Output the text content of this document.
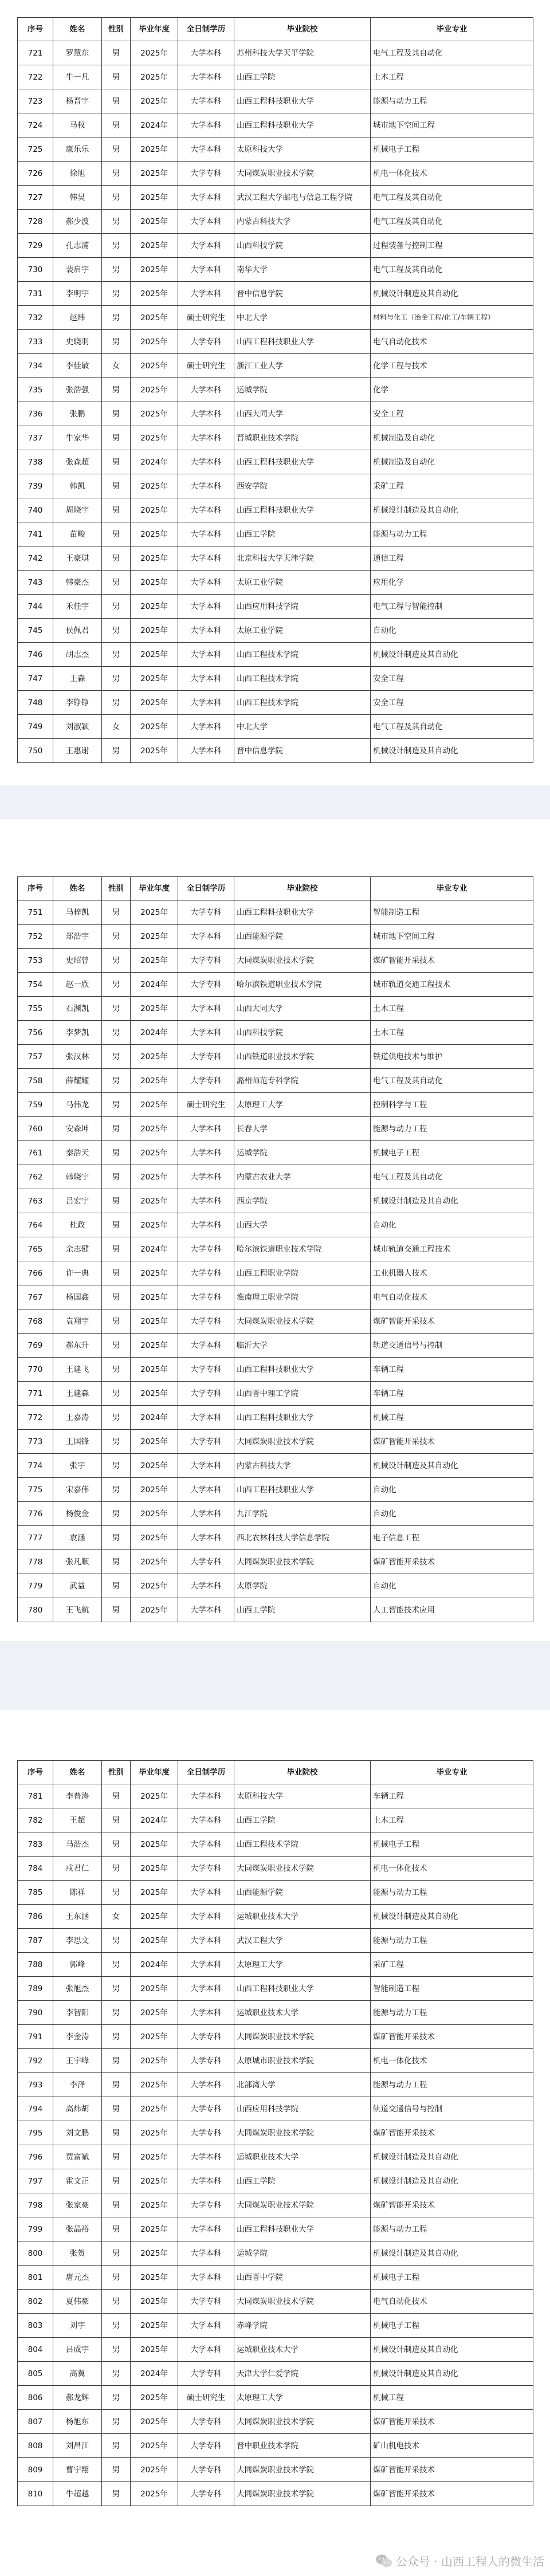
序号	姓名	性别	毕业年度	全日制学历	毕业院校	毕业专业
721	罗慧东	男	2025年	大学本科	苏州科技大学天平学院	电气工程及其自动化
722	牛一凡	男	2025年	大学本科	山西工学院	土木工程
723	杨晋宇	男	2025年	大学本科	山西工程科技职业大学	能源与动力工程
724	马权	男	2024年	大学本科	山西工程科技职业大学	城市地下空间工程
725	康乐乐	男	2025年	大学本科	太原科技大学	机械电子工程
726	徐旭	男	2025年	大学专科	大同煤炭职业技术学院	机电一体化技术
727	韩昊	男	2025年	大学本科	武汉工程大学邮电与信息工程学院	电气工程及其自动化
728	郝少波	男	2025年	大学本科	内蒙古科技大学	电气工程及其自动化
729	孔志浦	男	2025年	大学本科	山西科技学院	过程装备与控制工程
730	裴启宇	男	2025年	大学本科	南华大学	电气工程及其自动化
731	李明宇	男	2025年	大学本科	晋中信息学院	机械设计制造及其自动化
732	赵炜	男	2025年	硕士研究生	中北大学	材料与化工（冶金工程/化工/车辆工程）
733	史晓羽	男	2025年	大学专科	山西工程科技职业大学	电气自动化技术
734	李佳敏	女	2025年	硕士研究生	浙江工业大学	化学工程与技术
735	张浩强	男	2025年	大学本科	运城学院	化学
736	张鹏	男	2025年	大学本科	山西大同大学	安全工程
737	牛家华	男	2025年	大学本科	晋城职业技术学院	机械制造及自动化
738	张森超	男	2024年	大学本科	山西工程科技职业大学	机械制造及自动化
739	韩凯	男	2025年	大学本科	西安学院	采矿工程
740	周晓宇	男	2025年	大学本科	山西工程科技职业大学	机械设计制造及其自动化
741	苗畯	男	2025年	大学本科	山西工学院	能源与动力工程
742	王豪琪	男	2025年	大学本科	北京科技大学天津学院	通信工程
743	韩豪杰	男	2025年	大学本科	太原工业学院	应用化学
744	禾佳宇	男	2025年	大学本科	山西应用科技学院	电气工程与智能控制
745	侯佩君	男	2025年	大学本科	太原工业学院	自动化
746	胡志杰	男	2025年	大学本科	山西工程技术学院	机械设计制造及其自动化
747	王森	男	2025年	大学本科	山西工程技术学院	安全工程
748	李铮铮	男	2025年	大学本科	山西工程技术学院	安全工程
749	刘淑颖	女	2025年	大学本科	中北大学	电气工程及其自动化
750	王惠谢	男	2025年	大学本科	晋中信息学院	机械设计制造及其自动化
序号	姓名	性别	毕业年度	全日制学历	毕业院校	毕业专业
751	马梓凯	男	2025年	大学专科	山西工程科技职业大学	智能制造工程
752	郑浩宇	男	2025年	大学本科	山西能源学院	城市地下空间工程
753	史昭曾	男	2025年	大学专科	大同煤炭职业技术学院	煤矿智能开采技术
754	赵一欣	男	2024年	大学专科	哈尔滨铁道职业技术学院	城市轨道交通工程技术
755	石渊凯	男	2025年	大学本科	山西大同大学	土木工程
756	李梦凯	男	2024年	大学本科	山西科技学院	土木工程
757	张汉林	男	2025年	大学专科	山西铁道职业技术学院	铁道供电技术与维护
758	薛耀耀	男	2025年	大学专科	潞州师范专科学院	电气工程及其自动化
759	马伟龙	男	2025年	硕士研究生	太原理工大学	控制科学与工程
760	安森坤	男	2025年	大学本科	长春大学	能源与动力工程
761	秦浩天	男	2025年	大学本科	运城学院	机械电子工程
762	韩晓宇	男	2025年	大学本科	内蒙古农业大学	电气工程及其自动化
763	吕宏宇	男	2025年	大学本科	西京学院	机械设计制造及其自动化
764	杜政	男	2025年	大学本科	山西大学	自动化
765	余志健	男	2024年	大学专科	哈尔滨铁道职业技术学院	城市轨道交通工程技术
766	许一典	男	2025年	大学专科	山西工程职业学院	工业机器人技术
767	杨国鑫	男	2025年	大学专科	淮南理工职业学院	电气自动化技术
768	袁翔宇	男	2025年	大学专科	大同煤炭职业技术学院	煤矿智能开采技术
769	郝东升	男	2025年	大学本科	临沂大学	轨道交通信号与控制
770	王建飞	男	2025年	大学专科	山西工程科技职业大学	车辆工程
771	王建森	男	2025年	大学专科	山西晋中理工学院	车辆工程
772	王嘉涛	男	2024年	大学本科	山西工程科技职业大学	机械工程
773	王国锋	男	2025年	大学专科	大同煤炭职业技术学院	煤矿智能开采技术
774	张宇	男	2025年	大学本科	内蒙古科技大学	机械设计制造及其自动化
775	宋嘉伟	男	2025年	大学本科	山西工程科技职业大学	自动化
776	杨俊金	男	2025年	大学本科	九江学院	自动化
777	袁涵	男	2025年	大学本科	西北农林科技大学信息学院	电子信息工程
778	张凡顺	男	2025年	大学专科	大同煤炭职业技术学院	煤矿智能开采技术
779	武益	男	2025年	大学本科	太原学院	自动化
780	王飞航	男	2025年	大学本科	山西工学院	人工智能技术应用
序号	姓名	性别	毕业年度	全日制学历	毕业院校	毕业专业
781	李普涛	男	2025年	大学本科	太原科技大学	车辆工程
782	王超	男	2024年	大学本科	山西工学院	土木工程
783	马浩杰	男	2025年	大学本科	山西工程技术学院	机械电子工程
784	戌君仁	男	2025年	大学专科	大同煤炭职业技术学院	机电一体化技术
785	陈祥	男	2025年	大学本科	山西能源学院	能源与动力工程
786	王东涵	女	2025年	大学本科	运城职业技术大学	机械设计制造及其自动化
787	李思文	男	2025年	大学本科	武汉工程大学	能源与动力工程
788	郭峰	男	2024年	大学本科	太原理工大学	采矿工程
789	张旭杰	男	2025年	大学本科	山西工程科技职业大学	智能制造工程
790	李智阳	男	2025年	大学本科	运城职业技术大学	能源与动力工程
791	李金涛	男	2025年	大学专科	大同煤炭职业技术学院	煤矿智能开采技术
792	王宇峰	男	2025年	大学专科	太原城市职业技术学院	机电一体化技术
793	李泽	男	2025年	大学本科	北部湾大学	能源与动力工程
794	高炜胡	男	2025年	大学专科	山西应用科技学院	轨道交通信号与控制
795	刘文鹏	男	2025年	大学专科	大同煤炭职业技术学院	煤矿智能开采技术
796	贾富斌	男	2025年	大学本科	运城职业技术大学	机械设计制造及其自动化
797	霍文正	男	2025年	大学本科	山西工学院	机械设计制造及其自动化
798	张家豪	男	2025年	大学专科	大同煤炭职业技术学院	煤矿智能开采技术
799	张晶裕	男	2025年	大学本科	山西工程科技职业大学	能源与动力工程
800	张贺	男	2025年	大学本科	运城学院	机械设计制造及其自动化
801	唐元杰	男	2025年	大学本科	山西晋中学院	机械电子工程
802	夏伟豪	男	2025年	大学专科	大同煤炭职业技术学院	电气自动化技术
803	刘宇	男	2025年	大学本科	赤峰学院	机械电子工程
804	吕成宇	男	2025年	大学本科	运城职业技术大学	机械设计制造及其自动化
805	高翼	男	2024年	大学专科	天津大学仁爱学院	机械设计制造及其自动化
806	郝龙辉	男	2025年	硕士研究生	太原理工大学	机械工程
807	杨旭东	男	2025年	大学专科	大同煤炭职业技术学院	煤矿智能开采技术
808	刘昌江	男	2025年	大学专科	晋中职业技术学院	矿山机电技术
809	曹宇翔	男	2025年	大学专科	大同煤炭职业技术学院	煤矿智能开采技术
810	牛超越	男	2025年	大学专科	大同煤炭职业技术学院	煤矿智能开采技术
公众号 · 山西工程人的微生活
